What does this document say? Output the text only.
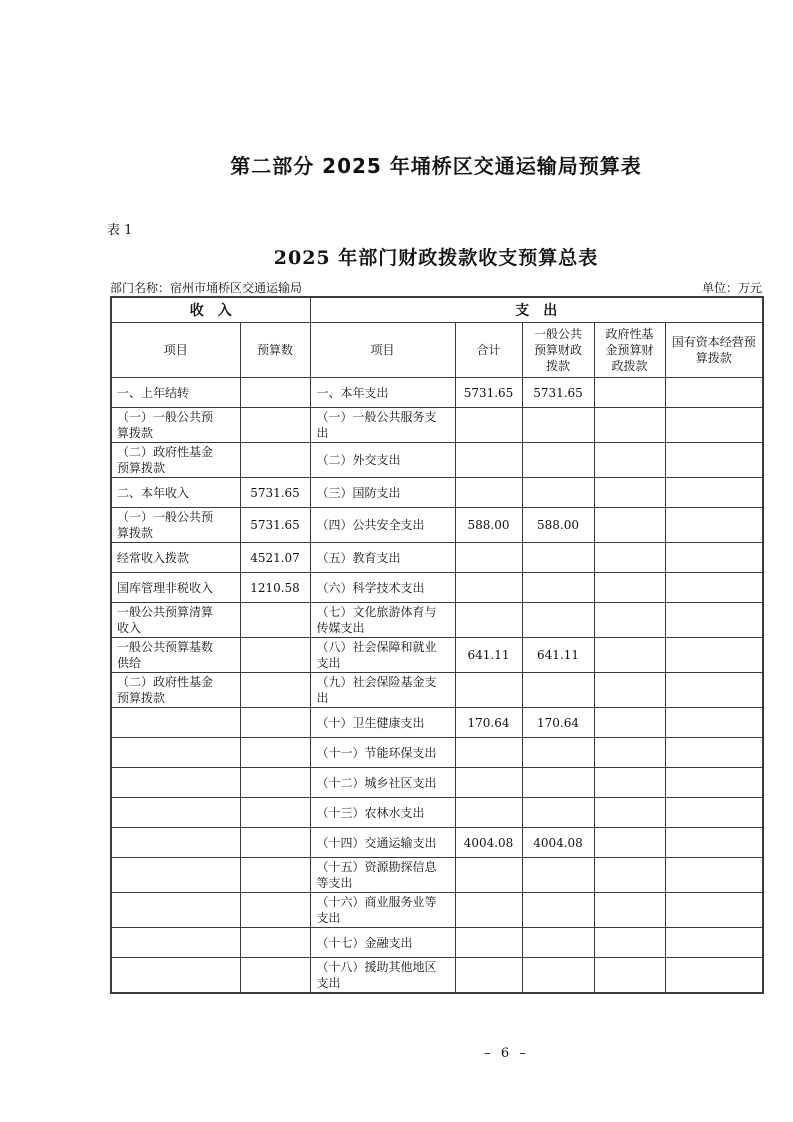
第二部分 2025 年埇桥区交通运输局预算表
表 1
2025 年部门财政拨款收支预算总表
部门名称：宿州市埇桥区交通运输局	单位：万元
收　入		支　出				
项目	预算数	项目	合计	一般公共预算财政拨款	政府性基金预算财政拨款	国有资本经营预算拨款
一、上年结转		一、本年支出	5731.65	5731.65		
（一）一般公共预算拨款		（一）一般公共服务支出				
（二）政府性基金预算拨款		（二）外交支出				
二、本年收入	5731.65	（三）国防支出				
（一）一般公共预算拨款	5731.65	（四）公共安全支出	588.00	588.00		
经常收入拨款	4521.07	（五）教育支出				
国库管理非税收入	1210.58	（六）科学技术支出				
一般公共预算清算收入		（七）文化旅游体育与传媒支出				
一般公共预算基数供给		（八）社会保障和就业支出	641.11	641.11		
（二）政府性基金预算拨款		（九）社会保险基金支出				
		（十）卫生健康支出	170.64	170.64		
		（十一）节能环保支出				
		（十二）城乡社区支出				
		（十三）农林水支出				
		（十四）交通运输支出	4004.08	4004.08		
		（十五）资源勘探信息等支出				
		（十六）商业服务业等支出				
		（十七）金融支出				
		（十八）援助其他地区支出				
– 6 –
